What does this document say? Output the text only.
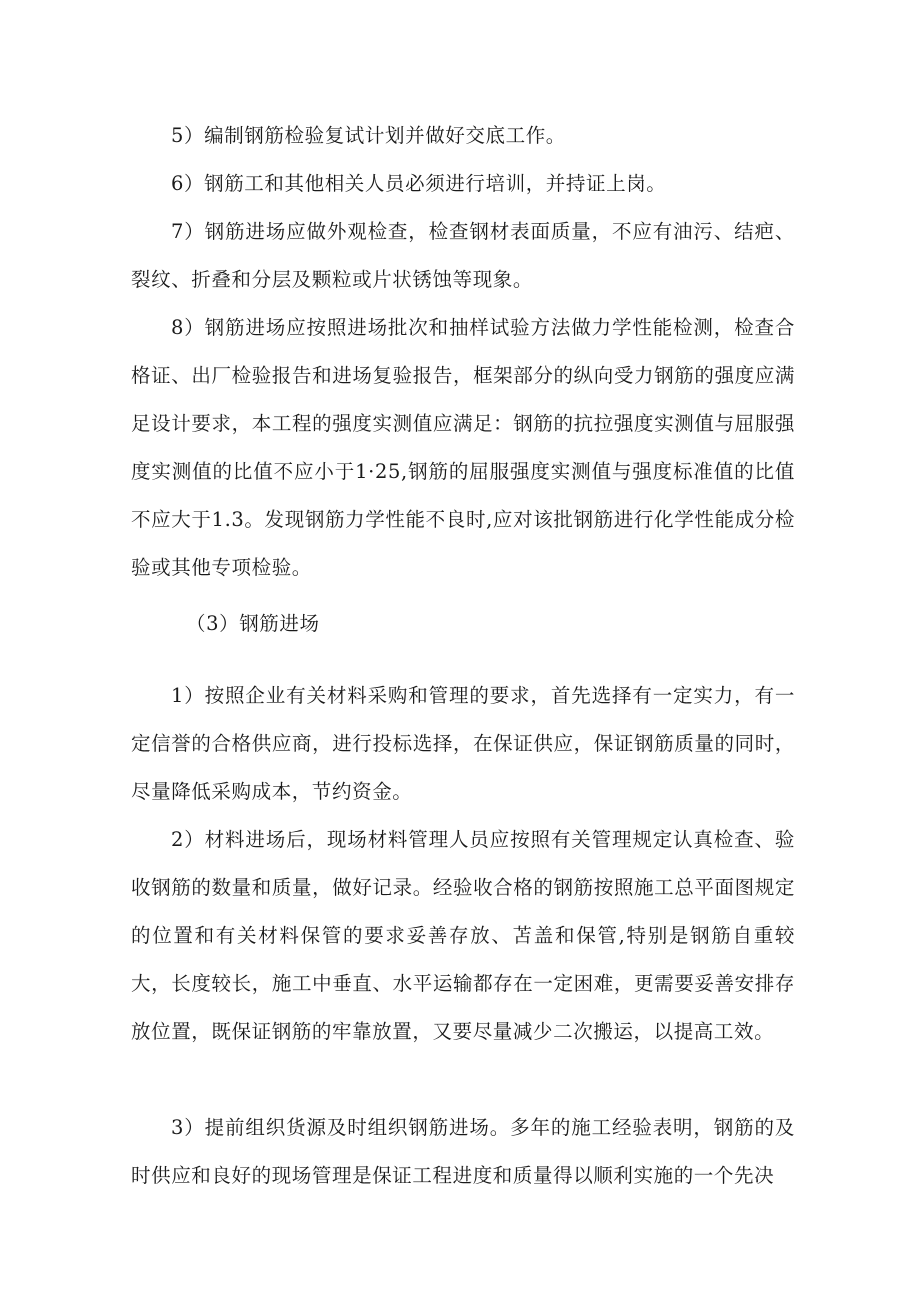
5）编制钢筋检验复试计划并做好交底工作。

6）钢筋工和其他相关人员必须进行培训，并持证上岗。

7）钢筋进场应做外观检查，检查钢材表面质量，不应有油污、结疤、裂纹、折叠和分层及颗粒或片状锈蚀等现象。

8）钢筋进场应按照进场批次和抽样试验方法做力学性能检测，检查合格证、出厂检验报告和进场复验报告，框架部分的纵向受力钢筋的强度应满足设计要求，本工程的强度实测值应满足：钢筋的抗拉强度实测值与屈服强度实测值的比值不应小于1·25,钢筋的屈服强度实测值与强度标准值的比值不应大于1.3。发现钢筋力学性能不良时,应对该批钢筋进行化学性能成分检验或其他专项检验。

（3）钢筋进场

1）按照企业有关材料采购和管理的要求，首先选择有一定实力，有一定信誉的合格供应商，进行投标选择，在保证供应，保证钢筋质量的同时，尽量降低采购成本，节约资金。

2）材料进场后，现场材料管理人员应按照有关管理规定认真检查、验收钢筋的数量和质量，做好记录。经验收合格的钢筋按照施工总平面图规定的位置和有关材料保管的要求妥善存放、苫盖和保管,特别是钢筋自重较大，长度较长，施工中垂直、水平运输都存在一定困难，更需要妥善安排存放位置，既保证钢筋的牢靠放置，又要尽量减少二次搬运，以提高工效。

3）提前组织货源及时组织钢筋进场。多年的施工经验表明，钢筋的及时供应和良好的现场管理是保证工程进度和质量得以顺利实施的一个先决
